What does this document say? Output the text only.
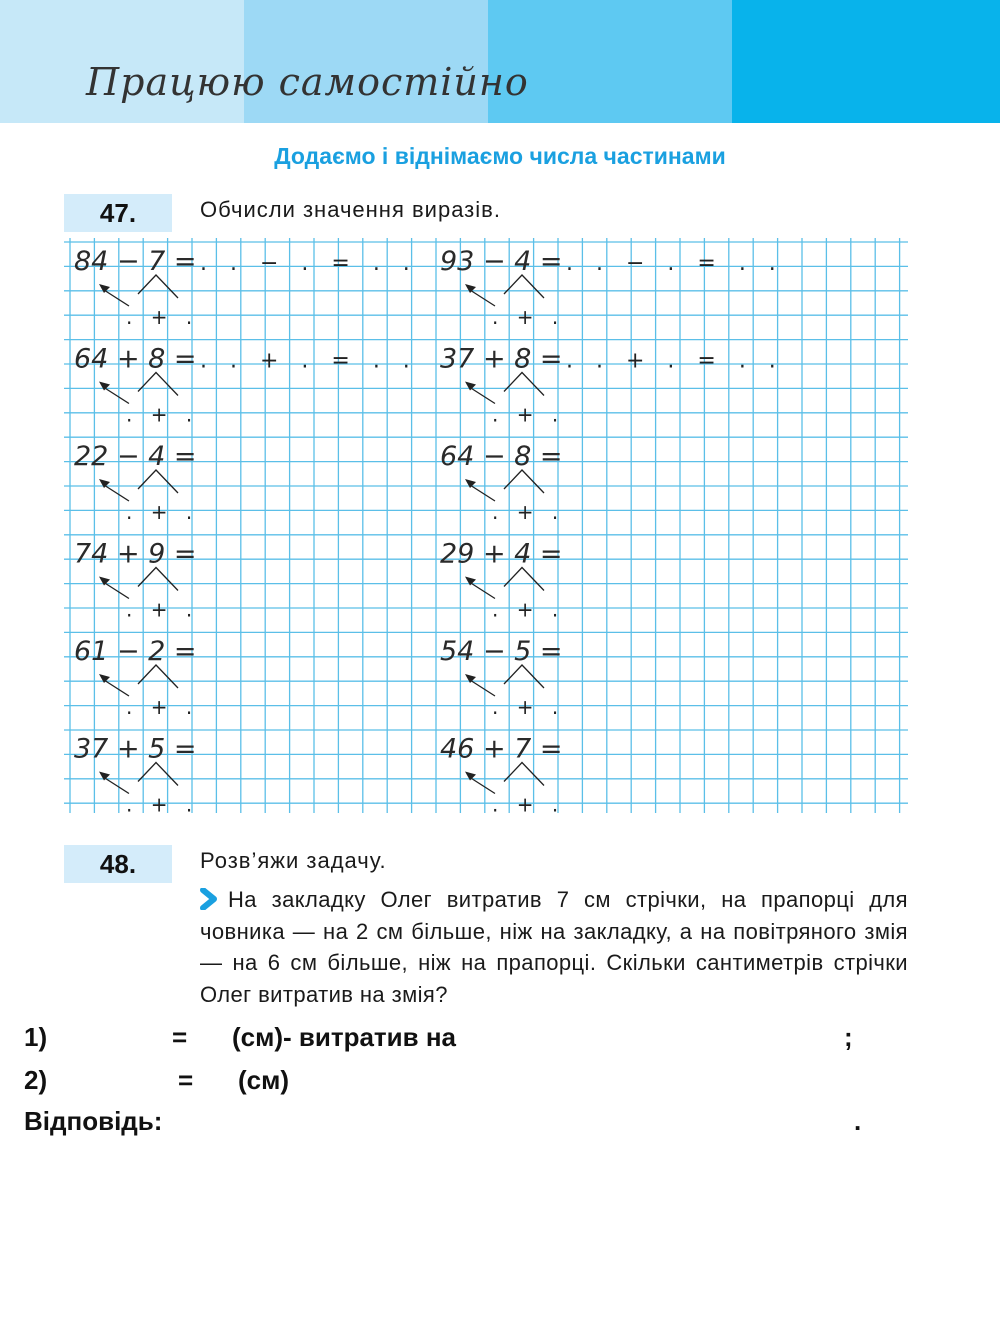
Працюю самостійно
Додаємо і віднімаємо числа частинами
47.	Обчисли значення виразів.
84 − 7 = . . − . = . .
. + .
93 − 4 = . . − . = . .
. + .
64 + 8 = . . + . = . .
. + .
37 + 8 = . . + . = . .
. + .
22 − 4 =
. + .
64 − 8 =
. + .
74 + 9 =
. + .
29 + 4 =
. + .
61 − 2 =
. + .
54 − 5 =
. + .
37 + 5 =
. + .
46 + 7 =
. + .
48.	Розв’яжи задачу.
На закладку Олег витратив 7 см стрічки, на прапорці для човника — на 2 см більше, ніж на закладку, а на повітряного змія — на 6 см більше, ніж на прапорці. Скільки сантиметрів стрічки Олег витратив на змія?
1)	= (см)- витратив на	;
2)	= (см)
Відповідь:	.
